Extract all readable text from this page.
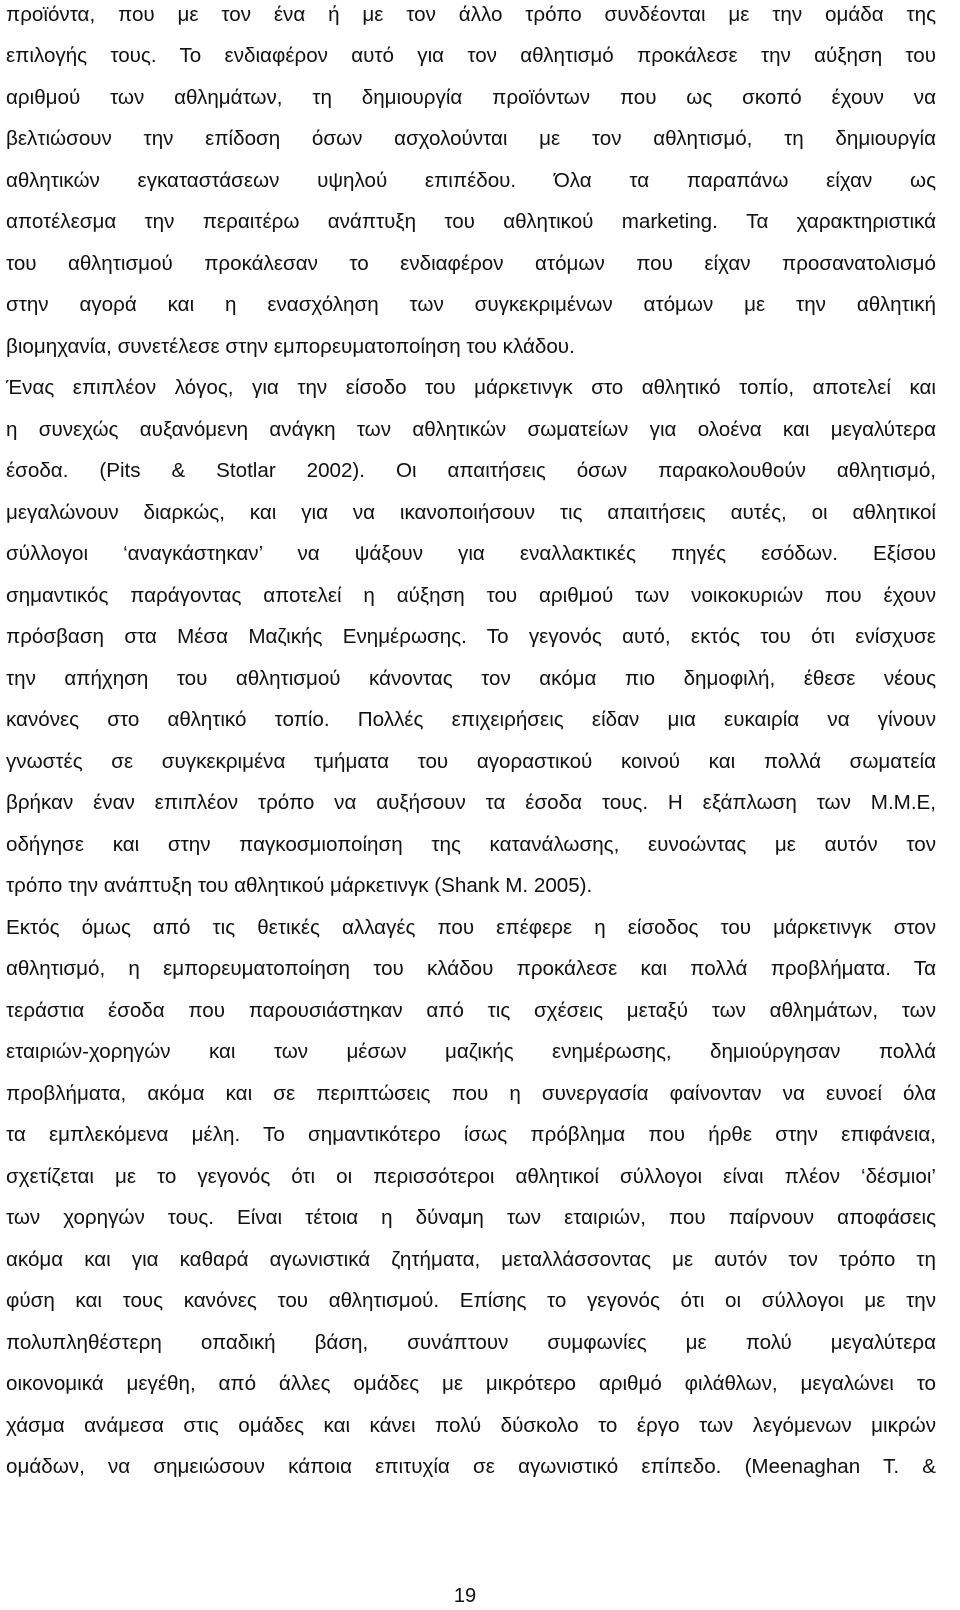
προϊόντα, που με τον ένα ή με τον άλλο τρόπο συνδέονται με την ομάδα της
επιλογής τους. Το ενδιαφέρον αυτό για τον αθλητισμό προκάλεσε την αύξηση του
αριθμού των αθλημάτων, τη δημιουργία προϊόντων που ως σκοπό έχουν να
βελτιώσουν την επίδοση όσων ασχολούνται με τον αθλητισμό, τη δημιουργία
αθλητικών εγκαταστάσεων υψηλού επιπέδου. Όλα τα παραπάνω είχαν ως
αποτέλεσμα την περαιτέρω ανάπτυξη του αθλητικού marketing. Τα χαρακτηριστικά
του αθλητισμού προκάλεσαν το ενδιαφέρον ατόμων που είχαν προσανατολισμό
στην αγορά και η ενασχόληση των συγκεκριμένων ατόμων με την αθλητική
βιομηχανία, συνετέλεσε στην εμπορευματοποίηση του κλάδου.
Ένας επιπλέον λόγος, για την είσοδο του μάρκετινγκ στο αθλητικό τοπίο, αποτελεί και
η συνεχώς αυξανόμενη ανάγκη των αθλητικών σωματείων για ολοένα και μεγαλύτερα
έσοδα. (Pits & Stotlar 2002). Οι απαιτήσεις όσων παρακολουθούν αθλητισμό,
μεγαλώνουν διαρκώς, και για να ικανοποιήσουν τις απαιτήσεις αυτές, οι αθλητικοί
σύλλογοι ‘αναγκάστηκαν’ να ψάξουν για εναλλακτικές πηγές εσόδων. Εξίσου
σημαντικός παράγοντας αποτελεί η αύξηση του αριθμού των νοικοκυριών που έχουν
πρόσβαση στα Μέσα Μαζικής Ενημέρωσης. Το γεγονός αυτό, εκτός του ότι ενίσχυσε
την απήχηση του αθλητισμού κάνοντας τον ακόμα πιο δημοφιλή, έθεσε νέους
κανόνες στο αθλητικό τοπίο. Πολλές επιχειρήσεις είδαν μια ευκαιρία να γίνουν
γνωστές σε συγκεκριμένα τμήματα του αγοραστικού κοινού και πολλά σωματεία
βρήκαν έναν επιπλέον τρόπο να αυξήσουν τα έσοδα τους. Η εξάπλωση των Μ.Μ.Ε,
οδήγησε και στην παγκοσμιοποίηση της κατανάλωσης, ευνοώντας με αυτόν τον
τρόπο την ανάπτυξη του αθλητικού μάρκετινγκ (Shank M. 2005).
Εκτός όμως από τις θετικές αλλαγές που επέφερε η είσοδος του μάρκετινγκ στον
αθλητισμό, η εμπορευματοποίηση του κλάδου προκάλεσε και πολλά προβλήματα. Τα
τεράστια έσοδα που παρουσιάστηκαν από τις σχέσεις μεταξύ των αθλημάτων, των
εταιριών-χορηγών και των μέσων μαζικής ενημέρωσης, δημιούργησαν πολλά
προβλήματα, ακόμα και σε περιπτώσεις που η συνεργασία φαίνονταν να ευνοεί όλα
τα εμπλεκόμενα μέλη. Το σημαντικότερο ίσως πρόβλημα που ήρθε στην επιφάνεια,
σχετίζεται με το γεγονός ότι οι περισσότεροι αθλητικοί σύλλογοι είναι πλέον ‘δέσμιοι’
των χορηγών τους. Είναι τέτοια η δύναμη των εταιριών, που παίρνουν αποφάσεις
ακόμα και για καθαρά αγωνιστικά ζητήματα, μεταλλάσσοντας με αυτόν τον τρόπο τη
φύση και τους κανόνες του αθλητισμού. Επίσης το γεγονός ότι οι σύλλογοι με την
πολυπληθέστερη οπαδική βάση, συνάπτουν συμφωνίες με πολύ μεγαλύτερα
οικονομικά μεγέθη, από άλλες ομάδες με μικρότερο αριθμό φιλάθλων, μεγαλώνει το
χάσμα ανάμεσα στις ομάδες και κάνει πολύ δύσκολο το έργο των λεγόμενων μικρών
ομάδων, να σημειώσουν κάποια επιτυχία σε αγωνιστικό επίπεδο. (Meenaghan T. &
19
